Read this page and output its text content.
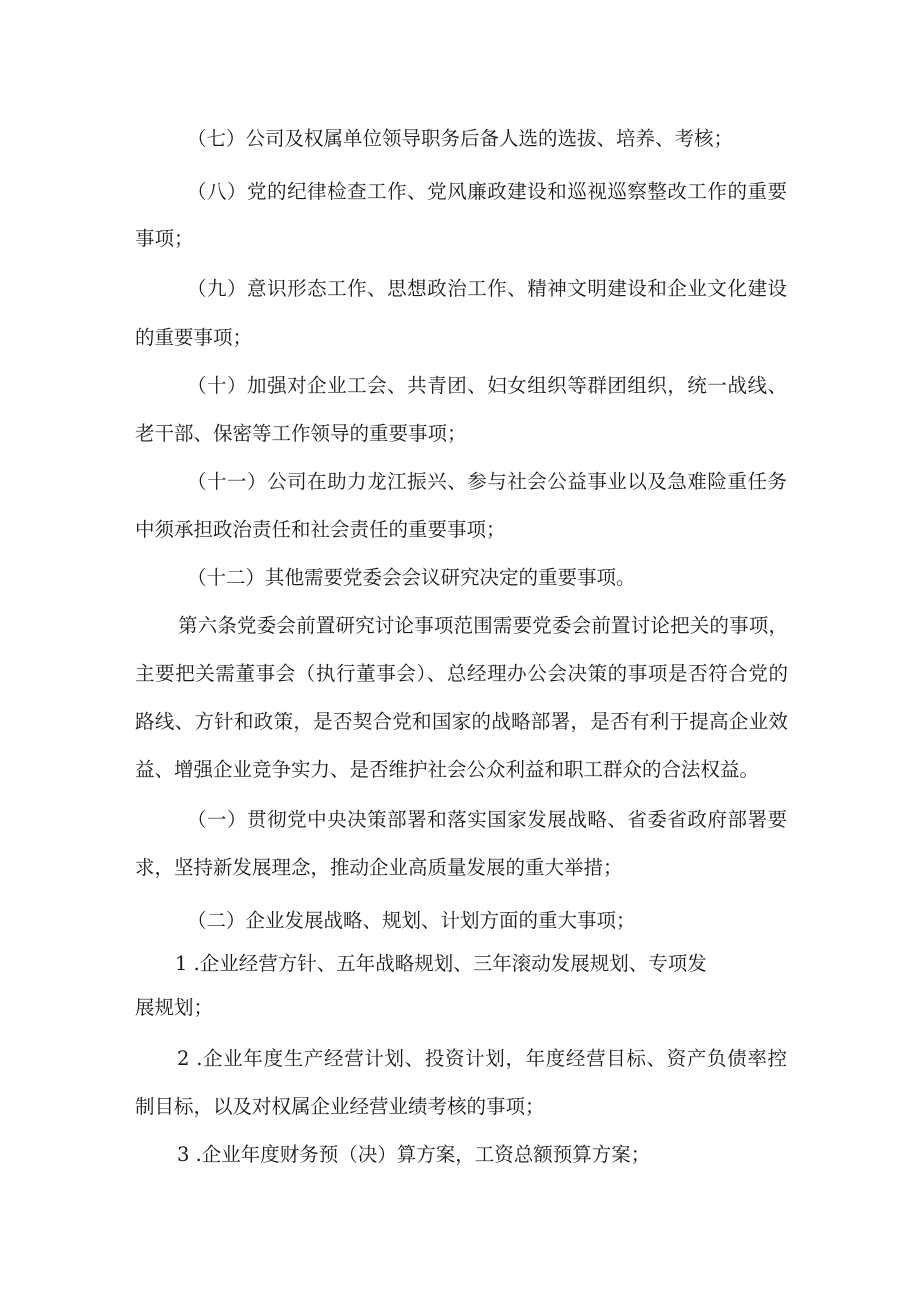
（七）公司及权属单位领导职务后备人选的选拔、培养、考核；
（八）党的纪律检查工作、党风廉政建设和巡视巡察整改工作的重要
事项；
（九）意识形态工作、思想政治工作、精神文明建设和企业文化建设
的重要事项；
（十）加强对企业工会、共青团、妇女组织等群团组织，统一战线、
老干部、保密等工作领导的重要事项；
（十一）公司在助力龙江振兴、参与社会公益事业以及急难险重任务
中须承担政治责任和社会责任的重要事项；
（十二）其他需要党委会会议研究决定的重要事项。
第六条党委会前置研究讨论事项范围需要党委会前置讨论把关的事项，
主要把关需董事会（执行董事会）、总经理办公会决策的事项是否符合党的
路线、方针和政策，是否契合党和国家的战略部署，是否有利于提高企业效
益、增强企业竞争实力、是否维护社会公众利益和职工群众的合法权益。
（一）贯彻党中央决策部署和落实国家发展战略、省委省政府部署要
求，坚持新发展理念，推动企业高质量发展的重大举措；
（二）企业发展战略、规划、计划方面的重大事项；
1 .企业经营方针、五年战略规划、三年滚动发展规划、专项发
展规划；
2 .企业年度生产经营计划、投资计划，年度经营目标、资产负债率控
制目标，以及对权属企业经营业绩考核的事项；
3 .企业年度财务预（决）算方案，工资总额预算方案；
